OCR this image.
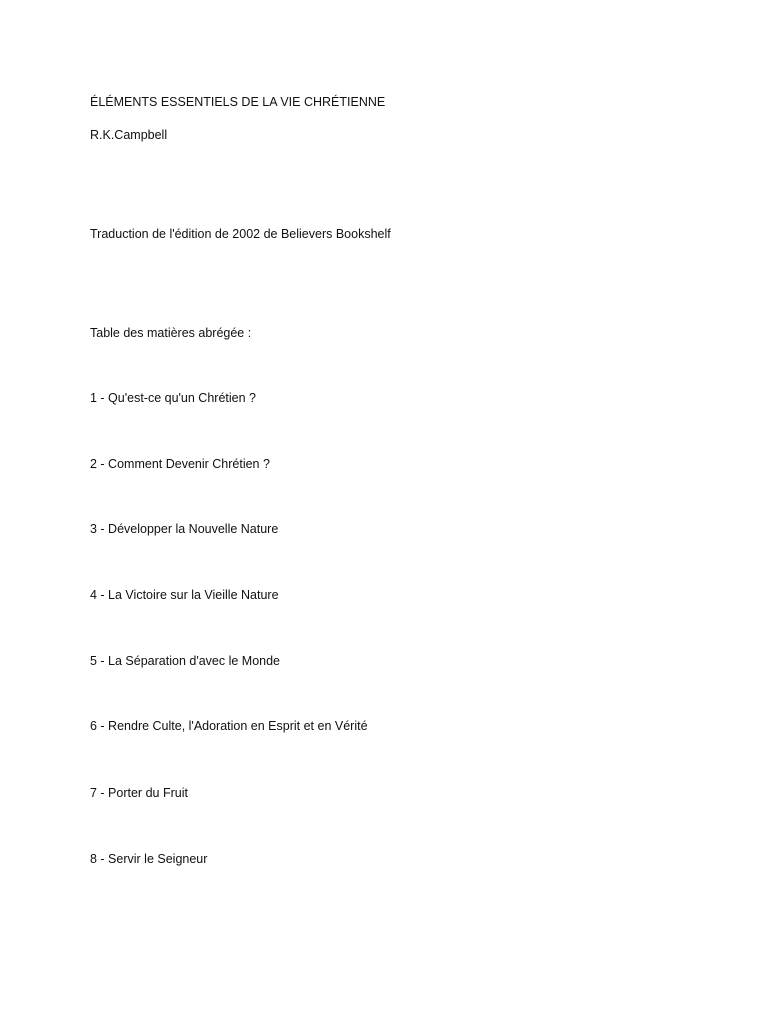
ÉLÉMENTS ESSENTIELS DE LA VIE CHRÉTIENNE

R.K.Campbell

Traduction de l'édition de 2002 de Believers Bookshelf

Table des matières abrégée :

1 - Qu'est-ce qu'un Chrétien ?
2 - Comment Devenir Chrétien ?
3 - Développer la Nouvelle Nature
4 - La Victoire sur la Vieille Nature
5 - La Séparation d'avec le Monde
6 - Rendre Culte, l'Adoration en Esprit et en Vérité
7 - Porter du Fruit
8 - Servir le Seigneur
